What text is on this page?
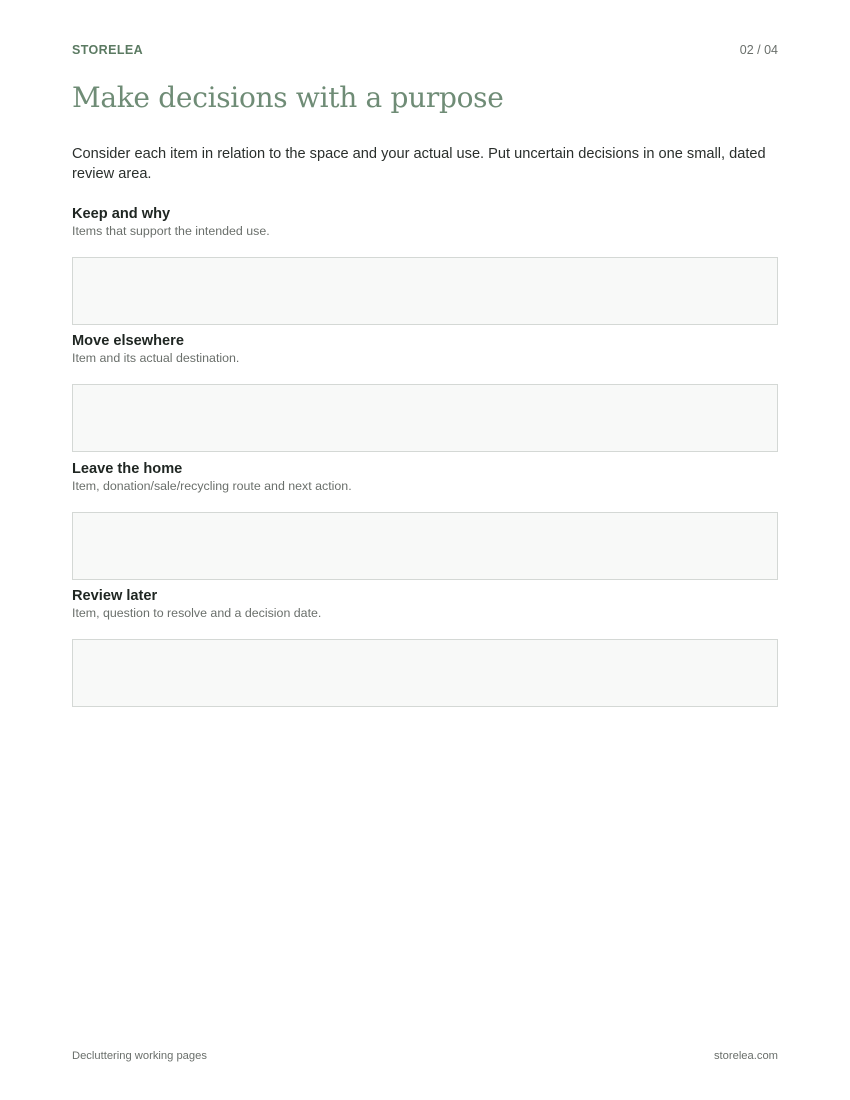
STORELEA	02 / 04
Make decisions with a purpose

Consider each item in relation to the space and your actual use. Put uncertain decisions in one small, dated review area.

Keep and why

Items that support the intended use.

Move elsewhere

Item and its actual destination.

Leave the home

Item, donation/sale/recycling route and next action.

Review later

Item, question to resolve and a decision date.

Decluttering working pages	storelea.com
